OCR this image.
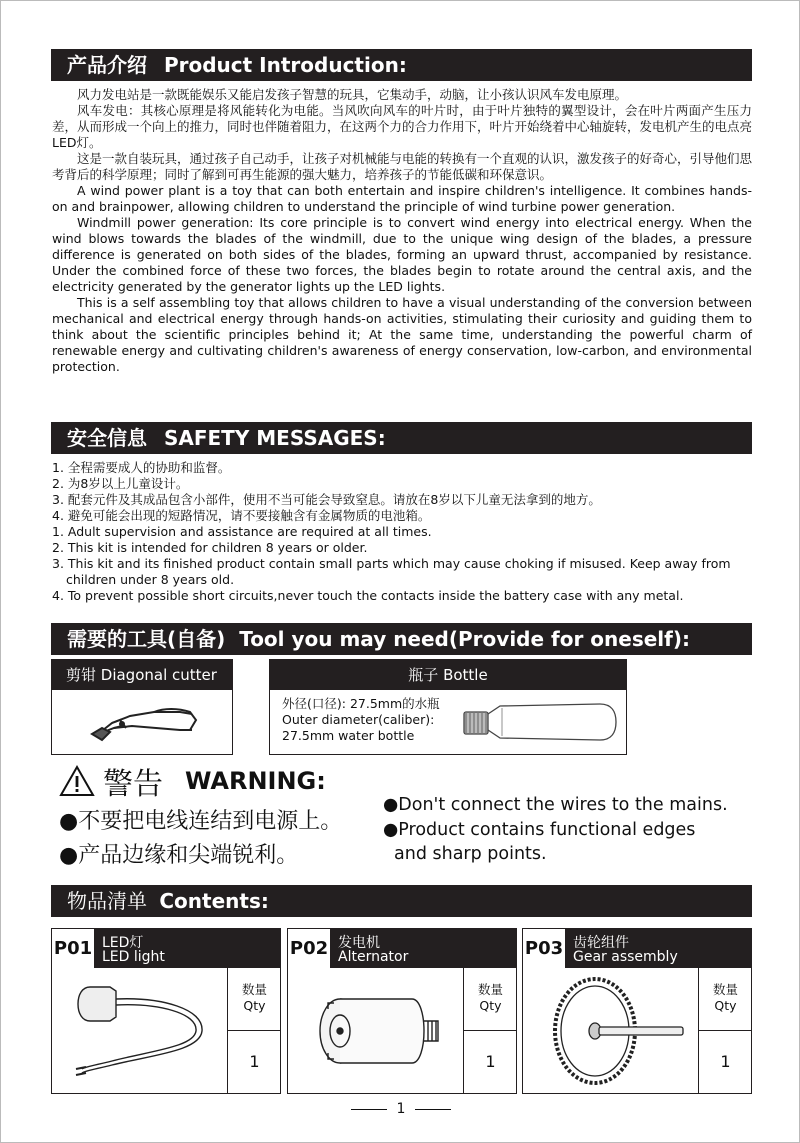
产品介绍 Product Introduction:

风力发电站是一款既能娱乐又能启发孩子智慧的玩具，它集动手，动脑，让小孩认识风车发电原理。

风车发电：其核心原理是将风能转化为电能。当风吹向风车的叶片时，由于叶片独特的翼型设计，会在叶片两面产生压力差，从而形成一个向上的推力，同时也伴随着阻力，在这两个力的合力作用下，叶片开始绕着中心轴旋转，发电机产生的电点亮LED灯。

这是一款自装玩具，通过孩子自己动手，让孩子对机械能与电能的转换有一个直观的认识，激发孩子的好奇心，引导他们思考背后的科学原理；同时了解到可再生能源的强大魅力，培养孩子的节能低碳和环保意识。

A wind power plant is a toy that can both entertain and inspire children's intelligence. It combines hands-on and brainpower, allowing children to understand the principle of wind turbine power generation.

Windmill power generation: Its core principle is to convert wind energy into electrical energy. When the wind blows towards the blades of the windmill, due to the unique wing design of the blades, a pressure difference is generated on both sides of the blades, forming an upward thrust, accompanied by resistance. Under the combined force of these two forces, the blades begin to rotate around the central axis, and the electricity generated by the generator lights up the LED lights.

This is a self assembling toy that allows children to have a visual understanding of the conversion between mechanical and electrical energy through hands-on activities, stimulating their curiosity and guiding them to think about the scientific principles behind it; At the same time, understanding the powerful charm of renewable energy and cultivating children's awareness of energy conservation, low-carbon, and environmental protection.

安全信息 SAFETY MESSAGES:
1. 全程需要成人的协助和监督。
2. 为8岁以上儿童设计。
3. 配套元件及其成品包含小部件，使用不当可能会导致窒息。请放在8岁以下儿童无法拿到的地方。
4. 避免可能会出现的短路情况，请不要接触含有金属物质的电池箱。
1. Adult supervision and assistance are required at all times.
2. This kit is intended for children 8 years or older.
3. This kit and its finished product contain small parts which may cause choking if misused. Keep away from children under 8 years old.
4. To prevent possible short circuits,never touch the contacts inside the battery case with any metal.
需要的工具(自备)  Tool you may need(Provide for oneself):
剪钳 Diagonal cutter	瓶子 Bottle
外径(口径): 27.5mm的水瓶
Outer diameter(caliber):
27.5mm water bottle
警告 WARNING:
●不要把电线连结到电源上。
●产品边缘和尖端锐利。
●Don't connect the wires to the mains.
●Product contains functional edges
and sharp points.
物品清单 Contents:
P01 LED灯
LED light
数量
Qty
1
P02 发电机
Alternator
数量
Qty
1
P03 齿轮组件
Gear assembly
数量
Qty
1
1
